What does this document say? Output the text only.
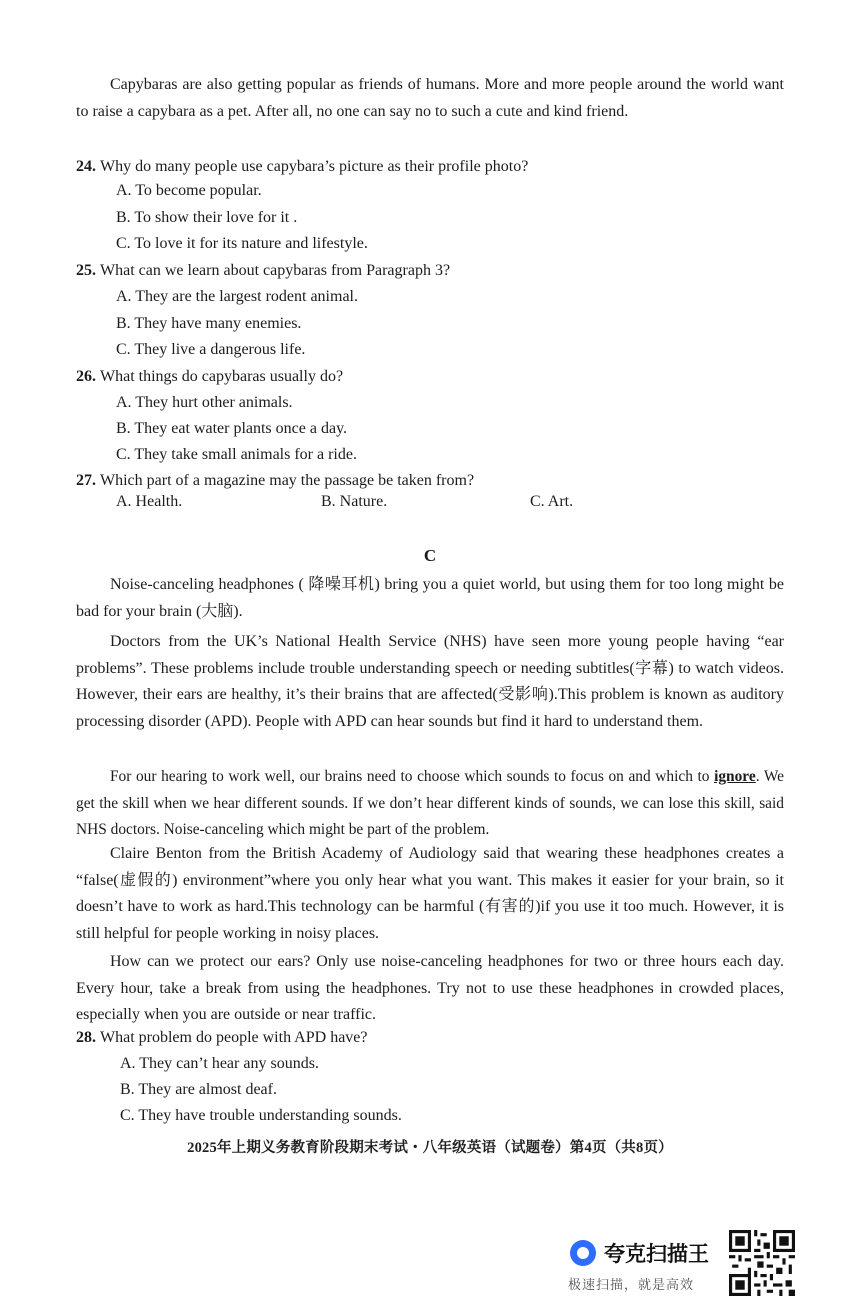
Capybaras are also getting popular as friends of humans. More and more people around the world want to raise a capybara as a pet. After all, no one can say no to such a cute and kind friend.
24. Why do many people use capybara’s picture as their profile photo?
A. To become popular.
B. To show their love for it .
C. To love it for its nature and lifestyle.
25. What can we learn about capybaras from Paragraph 3?
A. They are the largest rodent animal.
B. They have many enemies.
C. They live a dangerous life.
26. What things do capybaras usually do?
A. They hurt other animals.
B. They eat water plants once a day.
C. They take small animals for a ride.
27. Which part of a magazine may the passage be taken from?
A. Health.	B. Nature.	C. Art.
C
Noise-canceling headphones ( 降噪耳机) bring you a quiet world, but using them for too long might be bad for your brain (大脑).
Doctors from the UK’s National Health Service (NHS) have seen more young people having “ear problems”. These problems include trouble understanding speech or needing subtitles(字幕) to watch videos. However, their ears are healthy, it’s their brains that are affected(受影响).This problem is known as auditory processing disorder (APD). People with APD can hear sounds but find it hard to understand them.
For our hearing to work well, our brains need to choose which sounds to focus on and which to ignore. We get the skill when we hear different sounds. If we don’t hear different kinds of sounds, we can lose this skill, said NHS doctors. Noise-canceling which might be part of the problem.
Claire Benton from the British Academy of Audiology said that wearing these headphones creates a “false(虚假的) environment”where you only hear what you want. This makes it easier for your brain, so it doesn’t have to work as hard.This technology can be harmful (有害的)if you use it too much. However, it is still helpful for people working in noisy places.
How can we protect our ears? Only use noise-canceling headphones for two or three hours each day. Every hour, take a break from using the headphones. Try not to use these headphones in crowded places, especially when you are outside or near traffic.
28. What problem do people with APD have?
A. They can’t hear any sounds.
B. They are almost deaf.
C. They have trouble understanding sounds.
2025年上期义务教育阶段期末考试・八年级英语（试题卷）第4页（共8页）
夸克扫描王
极速扫描，就是高效
